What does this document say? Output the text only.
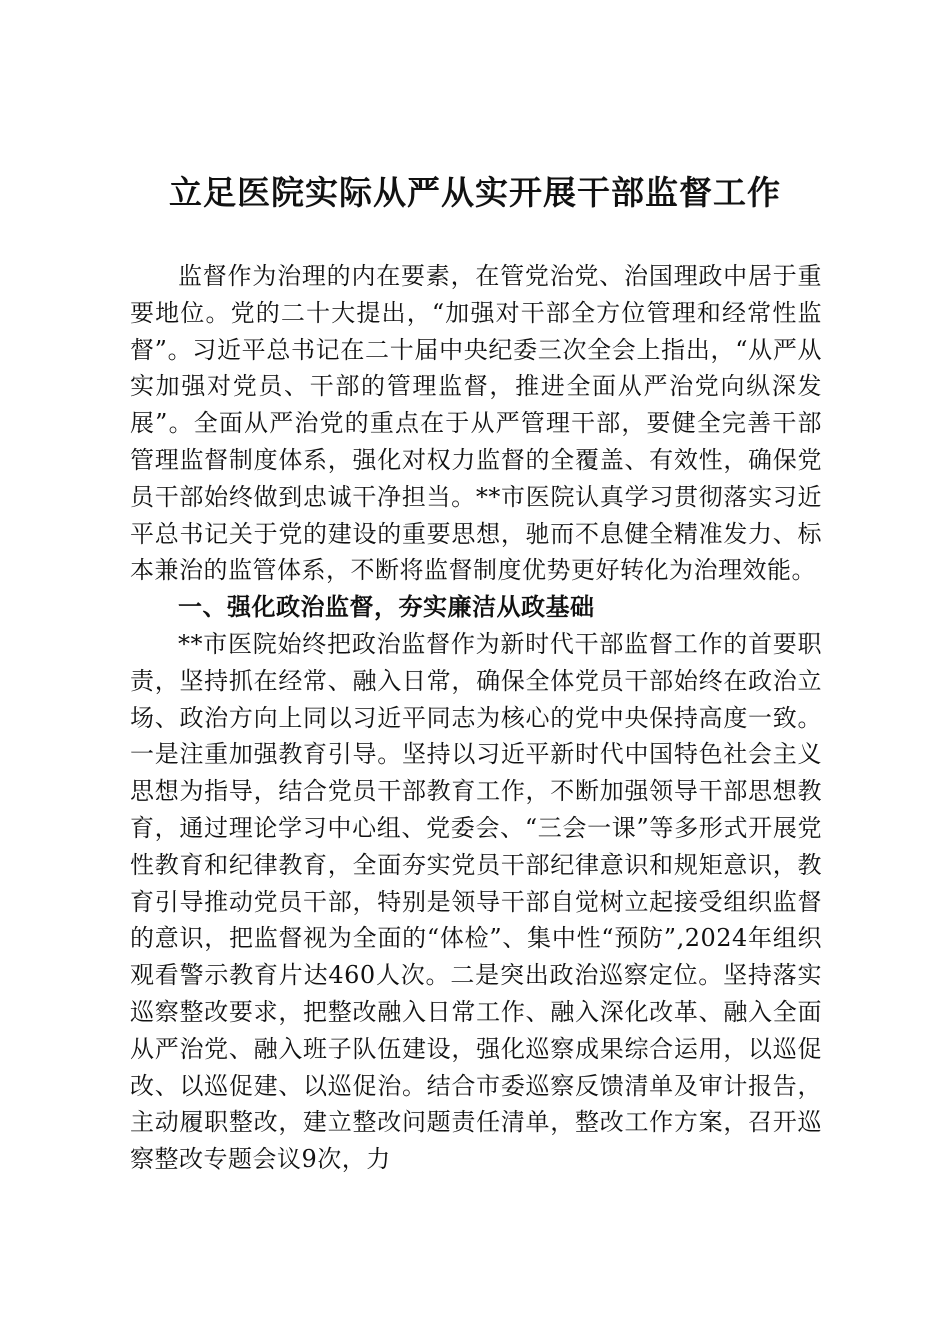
立足医院实际从严从实开展干部监督工作

监督作为治理的内在要素，在管党治党、治国理政中居于重要地位。党的二十大提出，“加强对干部全方位管理和经常性监督”。习近平总书记在二十届中央纪委三次全会上指出，“从严从实加强对党员、干部的管理监督，推进全面从严治党向纵深发展”。全面从严治党的重点在于从严管理干部，要健全完善干部管理监督制度体系，强化对权力监督的全覆盖、有效性，确保党员干部始终做到忠诚干净担当。**市医院认真学习贯彻落实习近平总书记关于党的建设的重要思想，驰而不息健全精准发力、标本兼治的监管体系，不断将监督制度优势更好转化为治理效能。

一、强化政治监督，夯实廉洁从政基础

**市医院始终把政治监督作为新时代干部监督工作的首要职责，坚持抓在经常、融入日常，确保全体党员干部始终在政治立场、政治方向上同以习近平同志为核心的党中央保持高度一致。一是注重加强教育引导。坚持以习近平新时代中国特色社会主义思想为指导，结合党员干部教育工作，不断加强领导干部思想教育，通过理论学习中心组、党委会、“三会一课”等多形式开展党性教育和纪律教育，全面夯实党员干部纪律意识和规矩意识，教育引导推动党员干部，特别是领导干部自觉树立起接受组织监督的意识，把监督视为全面的“体检”、集中性“预防”,2024年组织观看警示教育片达460人次。二是突出政治巡察定位。坚持落实巡察整改要求，把整改融入日常工作、融入深化改革、融入全面从严治党、融入班子队伍建设，强化巡察成果综合运用，以巡促改、以巡促建、以巡促治。结合市委巡察反馈清单及审计报告，主动履职整改，建立整改问题责任清单，整改工作方案，召开巡察整改专题会议9次，力
